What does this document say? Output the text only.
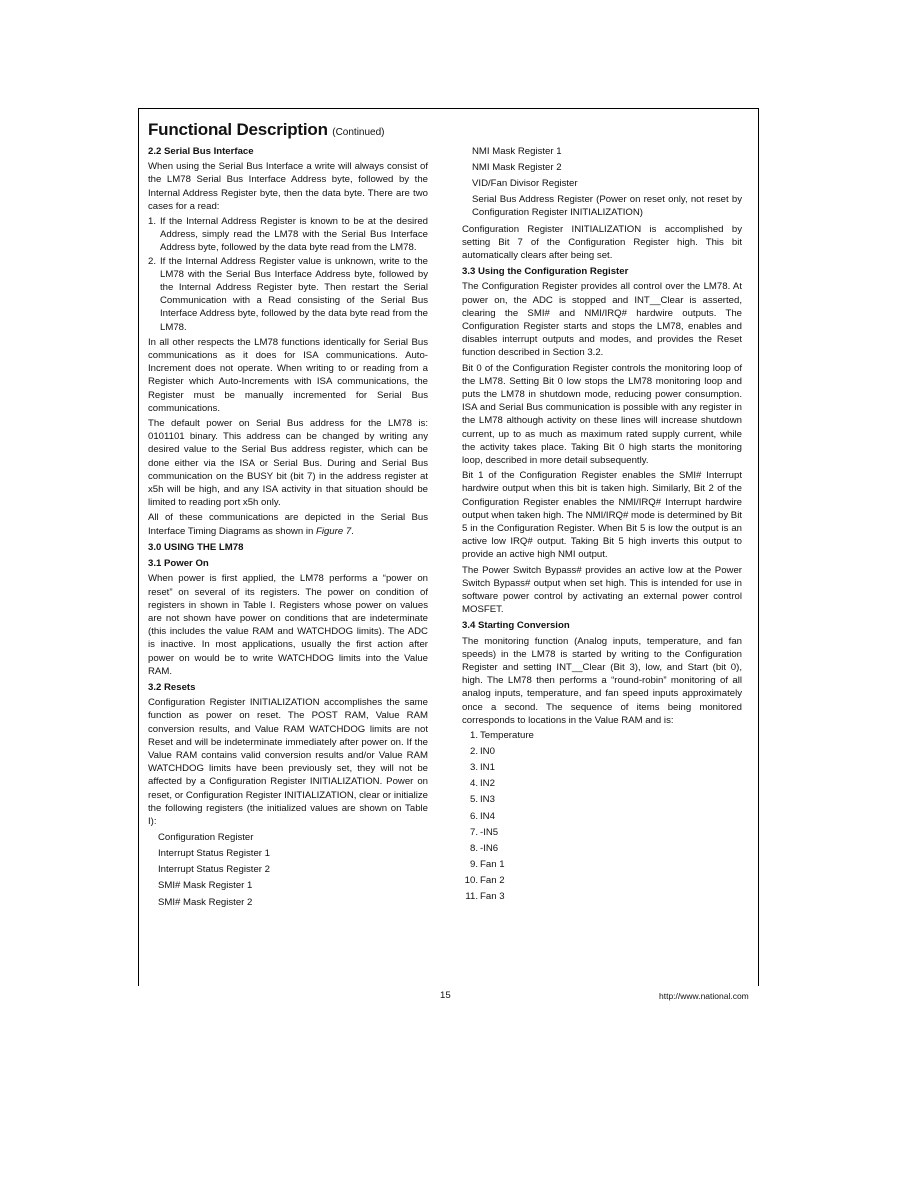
Functional Description (Continued)
2.2 Serial Bus Interface

When using the Serial Bus Interface a write will always consist of the LM78 Serial Bus Interface Address byte, followed by the Internal Address Register byte, then the data byte. There are two cases for a read:

1. If the Internal Address Register is known to be at the desired Address, simply read the LM78 with the Serial Bus Interface Address byte, followed by the data byte read from the LM78.
2. If the Internal Address Register value is unknown, write to the LM78 with the Serial Bus Interface Address byte, followed by the Internal Address Register byte. Then restart the Serial Communication with a Read consisting of the Serial Bus Interface Address byte, followed by the data byte read from the LM78.

In all other respects the LM78 functions identically for Serial Bus communications as it does for ISA communications. Auto-Increment does not operate. When writing to or reading from a Register which Auto-Increments with ISA communications, the Register must be manually incremented for Serial Bus communications.

The default power on Serial Bus address for the LM78 is: 0101101 binary. This address can be changed by writing any desired value to the Serial Bus address register, which can be done either via the ISA or Serial Bus. During and Serial Bus communication on the BUSY bit (bit 7) in the address register at x5h will be high, and any ISA activity in that situation should be limited to reading port x5h only.

All of these communications are depicted in the Serial Bus Interface Timing Diagrams as shown in Figure 7.

3.0 USING THE LM78
3.1 Power On

When power is first applied, the LM78 performs a “power on reset” on several of its registers. The power on condition of registers in shown in Table I. Registers whose power on values are not shown have power on conditions that are indeterminate (this includes the value RAM and WATCHDOG limits). The ADC is inactive. In most applications, usually the first action after power on would be to write WATCHDOG limits into the Value RAM.

3.2 Resets

Configuration Register INITIALIZATION accomplishes the same function as power on reset. The POST RAM, Value RAM conversion results, and Value RAM WATCHDOG limits are not Reset and will be indeterminate immediately after power on. If the Value RAM contains valid conversion results and/or Value RAM WATCHDOG limits have been previously set, they will not be affected by a Configuration Register INITIALIZATION. Power on reset, or Configuration Register INITIALIZATION, clear or initialize the following registers (the initialized values are shown on Table I):

Configuration Register
Interrupt Status Register 1
Interrupt Status Register 2
SMI# Mask Register 1
SMI# Mask Register 2
NMI Mask Register 1
NMI Mask Register 2
VID/Fan Divisor Register
Serial Bus Address Register (Power on reset only, not reset by Configuration Register INITIALIZATION)

Configuration Register INITIALIZATION is accomplished by setting Bit 7 of the Configuration Register high. This bit automatically clears after being set.

3.3 Using the Configuration Register

The Configuration Register provides all control over the LM78. At power on, the ADC is stopped and INT__Clear is asserted, clearing the SMI# and NMI/IRQ# hardwire outputs. The Configuration Register starts and stops the LM78, enables and disables interrupt outputs and modes, and provides the Reset function described in Section 3.2.

Bit 0 of the Configuration Register controls the monitoring loop of the LM78. Setting Bit 0 low stops the LM78 monitoring loop and puts the LM78 in shutdown mode, reducing power consumption. ISA and Serial Bus communication is possible with any register in the LM78 although activity on these lines will increase shutdown current, up to as much as maximum rated supply current, while the activity takes place. Taking Bit 0 high starts the monitoring loop, described in more detail subsequently.

Bit 1 of the Configuration Register enables the SMI# Interrupt hardwire output when this bit is taken high. Similarly, Bit 2 of the Configuration Register enables the NMI/IRQ# Interrupt hardwire output when taken high. The NMI/IRQ# mode is determined by Bit 5 in the Configuration Register. When Bit 5 is low the output is an active low IRQ# output. Taking Bit 5 high inverts this output to provide an active high NMI output.

The Power Switch Bypass# provides an active low at the Power Switch Bypass# output when set high. This is intended for use in software power control by activating an external power control MOSFET.

3.4 Starting Conversion

The monitoring function (Analog inputs, temperature, and fan speeds) in the LM78 is started by writing to the Configuration Register and setting INT__Clear (Bit 3), low, and Start (bit 0), high. The LM78 then performs a “round-robin” monitoring of all analog inputs, temperature, and fan speed inputs approximately once a second. The sequence of items being monitored corresponds to locations in the Value RAM and is:

1. Temperature
2. IN0
3. IN1
4. IN2
5. IN3
6. IN4
7. -IN5
8. -IN6
9. Fan 1
10. Fan 2
11. Fan 3
15	http://www.national.com
